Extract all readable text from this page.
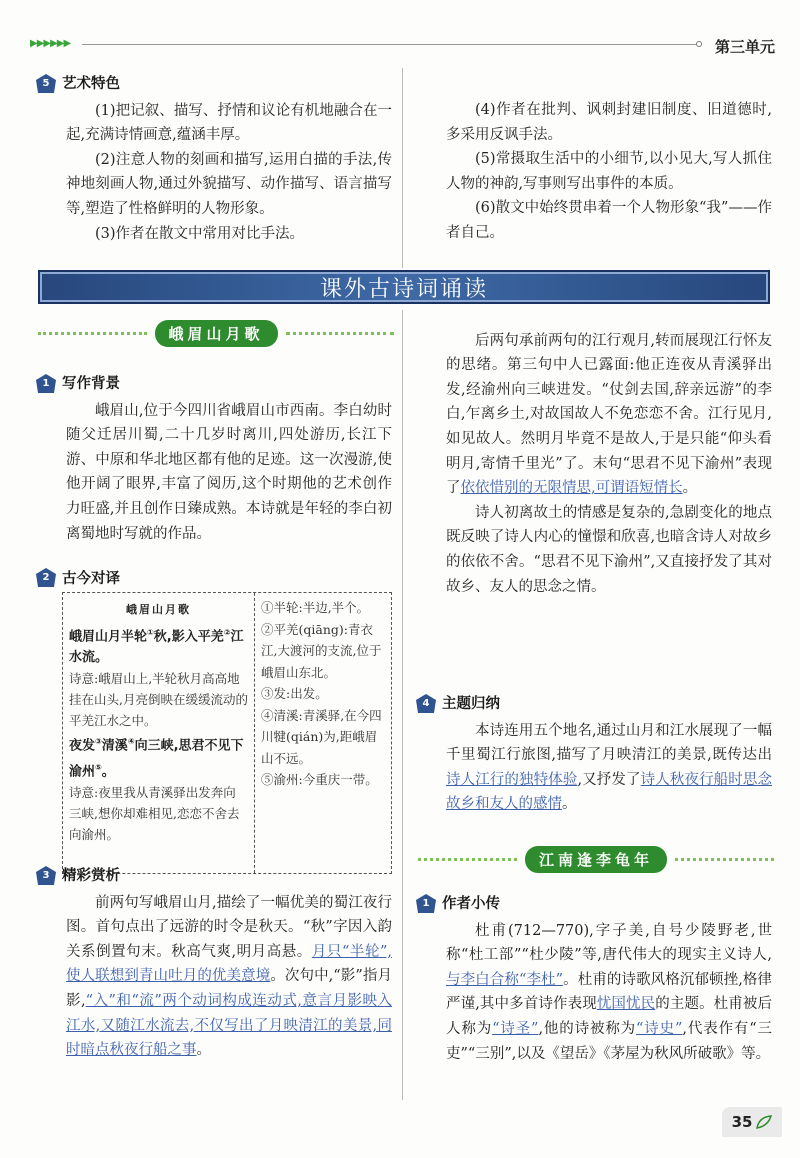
▶▶▶▶▶▶	第三单元
5 艺术特色

(1)把记叙、描写、抒情和议论有机地融合在一起,充满诗情画意,蕴涵丰厚。

(2)注意人物的刻画和描写,运用白描的手法,传神地刻画人物,通过外貌描写、动作描写、语言描写等,塑造了性格鲜明的人物形象。

(3)作者在散文中常用对比手法。

(4)作者在批判、讽刺封建旧制度、旧道德时,多采用反讽手法。

(5)常摄取生活中的小细节,以小见大,写人抓住人物的神韵,写事则写出事件的本质。

(6)散文中始终贯串着一个人物形象“我”——作者自己。

课外古诗词诵读
峨眉山月歌
1 写作背景

峨眉山,位于今四川省峨眉山市西南。李白幼时随父迁居川蜀,二十几岁时离川,四处游历,长江下游、中原和华北地区都有他的足迹。这一次漫游,使他开阔了眼界,丰富了阅历,这个时期他的艺术创作力旺盛,并且创作日臻成熟。本诗就是年轻的李白初离蜀地时写就的作品。

2 古今对译
峨眉山月歌
峨眉山月半轮①秋,影入平羌②江水流。
诗意:峨眉山上,半轮秋月高高地挂在山头,月亮倒映在缓缓流动的平羌江水之中。
夜发③清溪④向三峡,思君不见下渝州⑤。
诗意:夜里我从青溪驿出发奔向三峡,想你却难相见,恋恋不舍去向渝州。
①半轮:半边,半个。
②平羌(qiāng):青衣江,大渡河的支流,位于峨眉山东北。
③发:出发。
④清溪:青溪驿,在今四川犍(qián)为,距峨眉山不远。
⑤渝州:今重庆一带。
3 精彩赏析

前两句写峨眉山月,描绘了一幅优美的蜀江夜行图。首句点出了远游的时令是秋天。“秋”字因入韵关系倒置句末。秋高气爽,明月高悬。月只“半轮”,使人联想到青山吐月的优美意境。次句中,“影”指月影,“入”和“流”两个动词构成连动式,意言月影映入江水,又随江水流去,不仅写出了月映清江的美景,同时暗点秋夜行船之事。

后两句承前两句的江行观月,转而展现江行怀友的思绪。第三句中人已露面:他正连夜从青溪驿出发,经渝州向三峡进发。“仗剑去国,辞亲远游”的李白,乍离乡土,对故国故人不免恋恋不舍。江行见月,如见故人。然明月毕竟不是故人,于是只能“仰头看明月,寄情千里光”了。末句“思君不见下渝州”表现了依依惜别的无限情思,可谓语短情长。

诗人初离故土的情感是复杂的,急剧变化的地点既反映了诗人内心的憧憬和欣喜,也暗含诗人对故乡的依依不舍。“思君不见下渝州”,又直接抒发了其对故乡、友人的思念之情。

4 主题归纳

本诗连用五个地名,通过山月和江水展现了一幅千里蜀江行旅图,描写了月映清江的美景,既传达出诗人江行的独特体验,又抒发了诗人秋夜行船时思念故乡和友人的感情。

江南逢李龟年
1 作者小传

杜甫(712—770),字子美,自号少陵野老,世称“杜工部”“杜少陵”等,唐代伟大的现实主义诗人,与李白合称“李杜”。杜甫的诗歌风格沉郁顿挫,格律严谨,其中多首诗作表现忧国忧民的主题。杜甫被后人称为“诗圣”,他的诗被称为“诗史”,代表作有“三吏”“三别”,以及《望岳》《茅屋为秋风所破歌》等。

35
